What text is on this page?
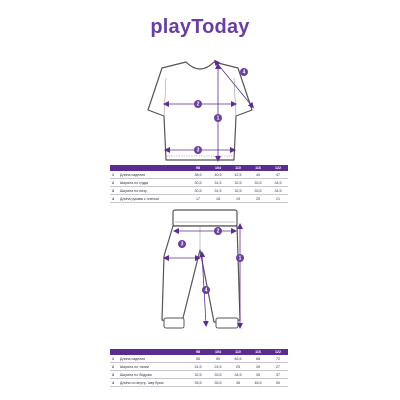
playToday
1
2
3
4
1
2
3
4
		98	104	110	116	122
1	Длина изделия	38,5	40,5	42,5	45	47
2	Ширина по груди	30,5	31,5	32,5	33,5	34,5
3	Ширина по низу	30,5	31,5	32,5	33,5	34,5
4	Длина рукава с плечом	17	18	19	20	21
		98	104	110	116	122
1	Длина изделия	55	59	63,5	68	72
2	Ширина по талии	24,5	24,5	25	26	27
3	Ширина по бедрам	32,5	33,5	34,5	35	37
4	Длина по внутр. шву брюк	35,5	35,5	45	46,5	50
